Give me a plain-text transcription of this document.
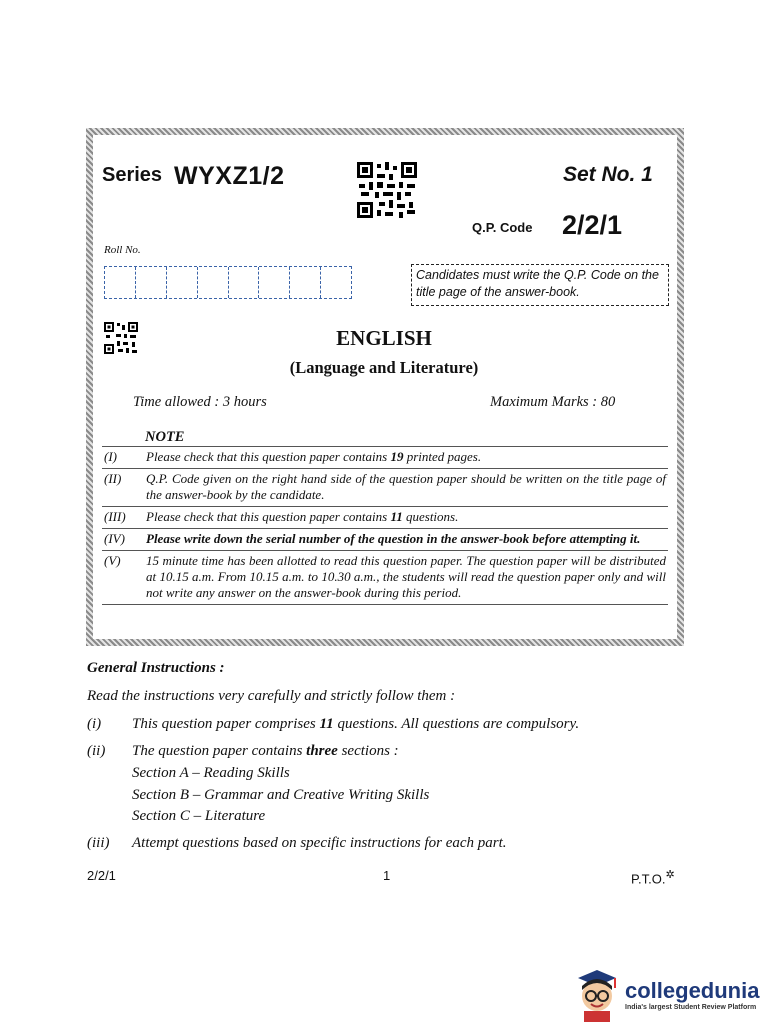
Series WYXZ1/2	Set No. 1
Q.P. Code 2/2/1
Roll No.
Candidates must write the Q.P. Code on the title page of the answer-book.
ENGLISH
(Language and Literature)
Time allowed : 3 hours	Maximum Marks : 80
NOTE
(I)	Please check that this question paper contains 19 printed pages.
(II)	Q.P. Code given on the right hand side of the question paper should be written on the title page of the answer-book by the candidate.
(III)	Please check that this question paper contains 11 questions.
(IV)	Please write down the serial number of the question in the answer-book before attempting it.
(V)	15 minute time has been allotted to read this question paper. The question paper will be distributed at 10.15 a.m. From 10.15 a.m. to 10.30 a.m., the students will read the question paper only and will not write any answer on the answer-book during this period.
General Instructions :
Read the instructions very carefully and strictly follow them :
(i) This question paper comprises 11 questions. All questions are compulsory.
(ii) The question paper contains three sections :
Section A – Reading Skills
Section B – Grammar and Creative Writing Skills
Section C – Literature
(iii) Attempt questions based on specific instructions for each part.
2/2/1	1	P.T.O.✲
collegedunia
India's largest Student Review Platform
